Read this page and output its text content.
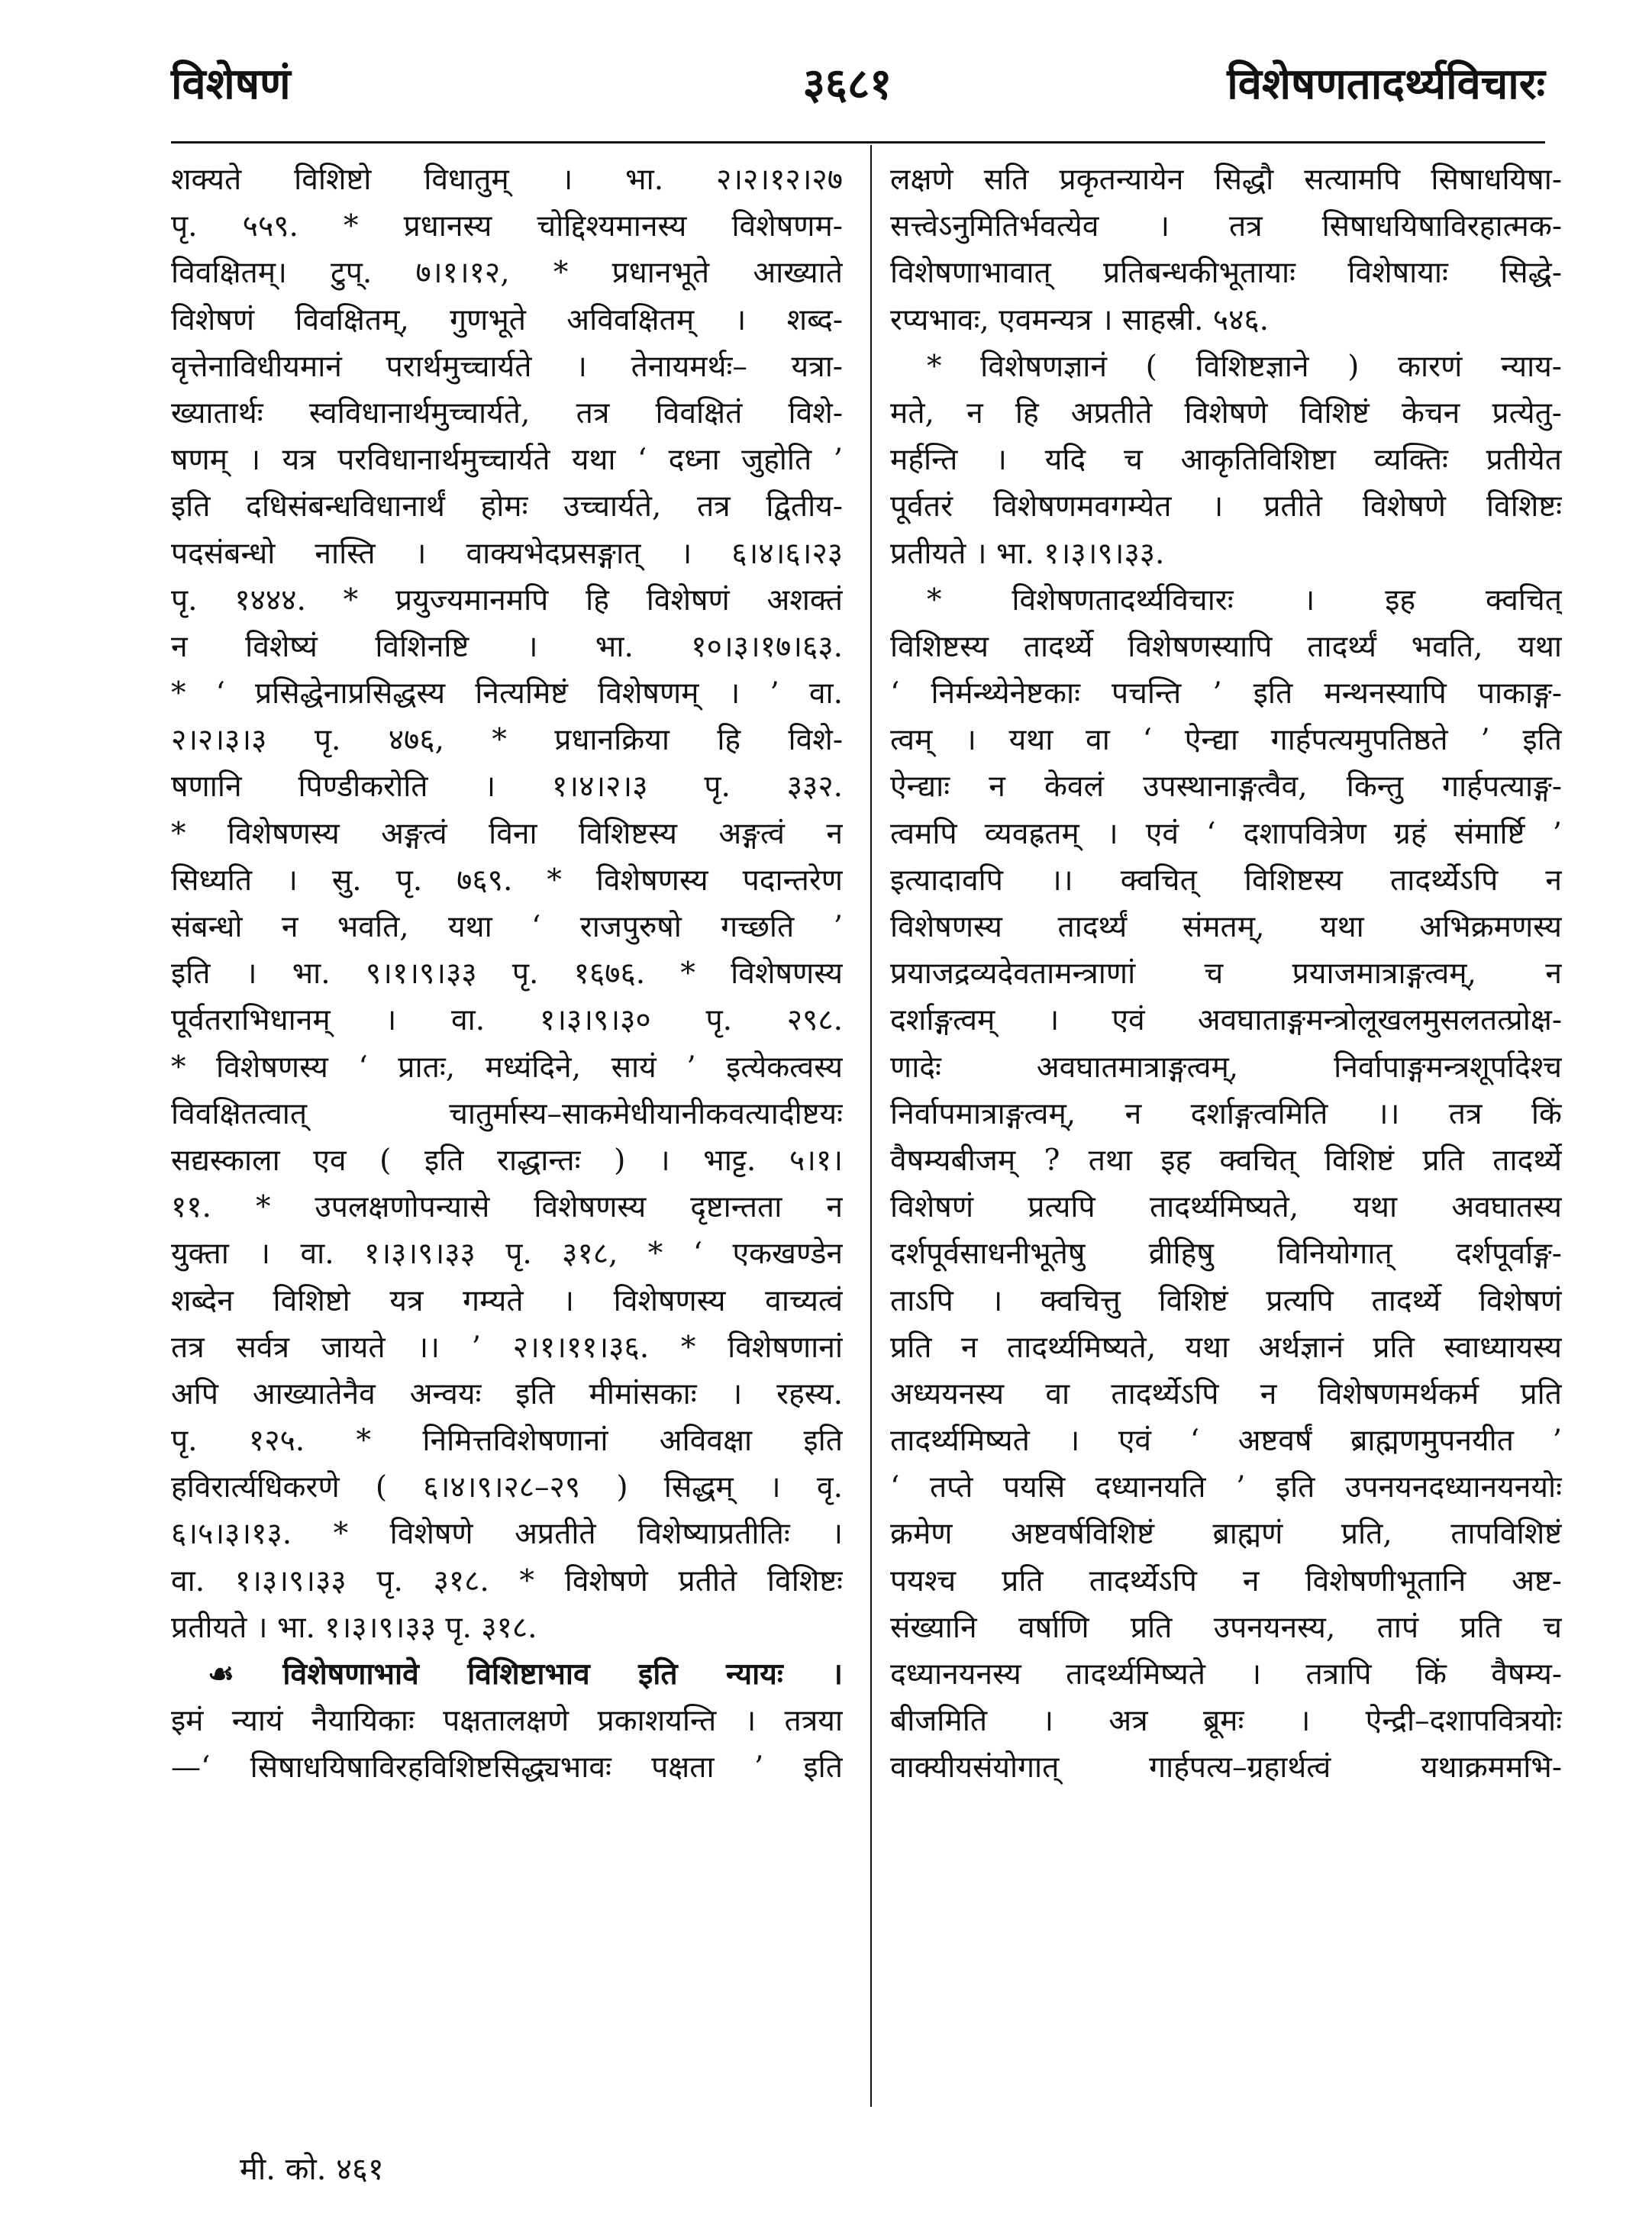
विशेषणं	३६८१	विशेषणतादर्थ्यविचारः
शक्यते विशिष्टो विधातुम् । भा. २।२।१२।२७
पृ. ५५९. * प्रधानस्य चोद्दिश्यमानस्य विशेषणम-
विवक्षितम्। टुप्. ७।१।१२, * प्रधानभूते आख्याते
विशेषणं विवक्षितम्, गुणभूते अविवक्षितम् । शब्द-
वृत्तेनाविधीयमानं परार्थमुच्चार्यते । तेनायमर्थः– यत्रा-
ख्यातार्थः स्वविधानार्थमुच्चार्यते, तत्र विवक्षितं विशे-
षणम् । यत्र परविधानार्थमुच्चार्यते यथा ‘ दध्ना जुहोति ’
इति दधिसंबन्धविधानार्थं होमः उच्चार्यते, तत्र द्वितीय-
पदसंबन्धो नास्ति । वाक्यभेदप्रसङ्गात् । ६।४।६।२३
पृ. १४४४. * प्रयुज्यमानमपि हि विशेषणं अशक्तं
न विशेष्यं विशिनष्टि । भा. १०।३।१७।६३.
* ‘ प्रसिद्धेनाप्रसिद्धस्य नित्यमिष्टं विशेषणम् । ’ वा.
२।२।३।३ पृ. ४७६, * प्रधानक्रिया हि विशे-
षणानि पिण्डीकरोति । १।४।२।३ पृ. ३३२.
* विशेषणस्य अङ्गत्वं विना विशिष्टस्य अङ्गत्वं न
सिध्यति । सु. पृ. ७६९. * विशेषणस्य पदान्तरेण
संबन्धो न भवति, यथा ‘ राजपुरुषो गच्छति ’
इति । भा. ९।१।९।३३ पृ. १६७६. * विशेषणस्य
पूर्वतराभिधानम् । वा. १।३।९।३० पृ. २९८.
* विशेषणस्य ‘ प्रातः, मध्यंदिने, सायं ’ इत्येकत्वस्य
विवक्षितत्वात् चातुर्मास्य–साकमेधीयानीकवत्यादीष्टयः
सद्यस्काला एव ( इति राद्धान्तः ) । भाट्ट. ५।१।
११. * उपलक्षणोपन्यासे विशेषणस्य दृष्टान्तता न
युक्ता । वा. १।३।९।३३ पृ. ३१८, * ‘ एकखण्डेन
शब्देन विशिष्टो यत्र गम्यते । विशेषणस्य वाच्यत्वं
तत्र सर्वत्र जायते ।। ’ २।१।११।३६. * विशेषणानां
अपि आख्यातेनैव अन्वयः इति मीमांसकाः । रहस्य.
पृ. १२५. * निमित्तविशेषणानां अविवक्षा इति
हविरार्त्यधिकरणे ( ६।४।९।२८–२९ ) सिद्धम् । वृ.
६।५।३।१३. * विशेषणे अप्रतीते विशेष्याप्रतीतिः ।
वा. १।३।९।३३ पृ. ३१८. * विशेषणे प्रतीते विशिष्टः
प्रतीयते । भा. १।३।९।३३ पृ. ३१८.
☙ विशेषणाभावे विशिष्टाभाव इति न्यायः ।
इमं न्यायं नैयायिकाः पक्षतालक्षणे प्रकाशयन्ति । तत्रया
—‘ सिषाधयिषाविरहविशिष्टसिद्ध्यभावः पक्षता ’ इति
लक्षणे सति प्रकृतन्यायेन सिद्धौ सत्यामपि सिषाधयिषा-
सत्त्वेऽनुमितिर्भवत्येव । तत्र सिषाधयिषाविरहात्मक-
विशेषणाभावात् प्रतिबन्धकीभूतायाः विशेषायाः सिद्धे-
रप्यभावः, एवमन्यत्र । साहस्री. ५४६.
* विशेषणज्ञानं ( विशिष्टज्ञाने ) कारणं न्याय-
मते, न हि अप्रतीते विशेषणे विशिष्टं केचन प्रत्येतु-
मर्हन्ति । यदि च आकृतिविशिष्टा व्यक्तिः प्रतीयेत
पूर्वतरं विशेषणमवगम्येत । प्रतीते विशेषणे विशिष्टः
प्रतीयते । भा. १।३।९।३३.
* विशेषणतादर्थ्यविचारः । इह क्वचित्
विशिष्टस्य तादर्थ्ये विशेषणस्यापि तादर्थ्यं भवति, यथा
‘ निर्मन्थ्येनेष्टकाः पचन्ति ’ इति मन्थनस्यापि पाकाङ्ग-
त्वम् । यथा वा ‘ ऐन्द्या गार्हपत्यमुपतिष्ठते ’ इति
ऐन्द्याः न केवलं उपस्थानाङ्गत्वैव, किन्तु गार्हपत्याङ्ग-
त्वमपि व्यवह्रतम् । एवं ‘ दशापवित्रेण ग्रहं संमार्ष्टि ’
इत्यादावपि ।। क्वचित् विशिष्टस्य तादर्थ्येऽपि न
विशेषणस्य तादर्थ्यं संमतम्, यथा अभिक्रमणस्य
प्रयाजद्रव्यदेवतामन्त्राणां च प्रयाजमात्राङ्गत्वम्, न
दर्शाङ्गत्वम् । एवं अवघाताङ्गमन्त्रोलूखलमुसलतत्प्रोक्ष-
णादेः अवघातमात्राङ्गत्वम्, निर्वापाङ्गमन्त्रशूर्पादेश्च
निर्वापमात्राङ्गत्वम्, न दर्शाङ्गत्वमिति ।। तत्र किं
वैषम्यबीजम् ? तथा इह क्वचित् विशिष्टं प्रति तादर्थ्ये
विशेषणं प्रत्यपि तादर्थ्यमिष्यते, यथा अवघातस्य
दर्शपूर्वसाधनीभूतेषु व्रीहिषु विनियोगात् दर्शपूर्वाङ्ग-
ताऽपि । क्वचित्तु विशिष्टं प्रत्यपि तादर्थ्ये विशेषणं
प्रति न तादर्थ्यमिष्यते, यथा अर्थज्ञानं प्रति स्वाध्यायस्य
अध्ययनस्य वा तादर्थ्येऽपि न विशेषणमर्थकर्म प्रति
तादर्थ्यमिष्यते । एवं ‘ अष्टवर्षं ब्राह्मणमुपनयीत ’
‘ तप्ते पयसि दध्यानयति ’ इति उपनयनदध्यानयनयोः
क्रमेण अष्टवर्षविशिष्टं ब्राह्मणं प्रति, तापविशिष्टं
पयश्च प्रति तादर्थ्येऽपि न विशेषणीभूतानि अष्ट-
संख्यानि वर्षाणि प्रति उपनयनस्य, तापं प्रति च
दध्यानयनस्य तादर्थ्यमिष्यते । तत्रापि किं वैषम्य-
बीजमिति । अत्र ब्रूमः । ऐन्द्री–दशापवित्रयोः
वाक्यीयसंयोगात् गार्हपत्य–ग्रहार्थत्वं यथाक्रममभि-
मी. को. ४६१
